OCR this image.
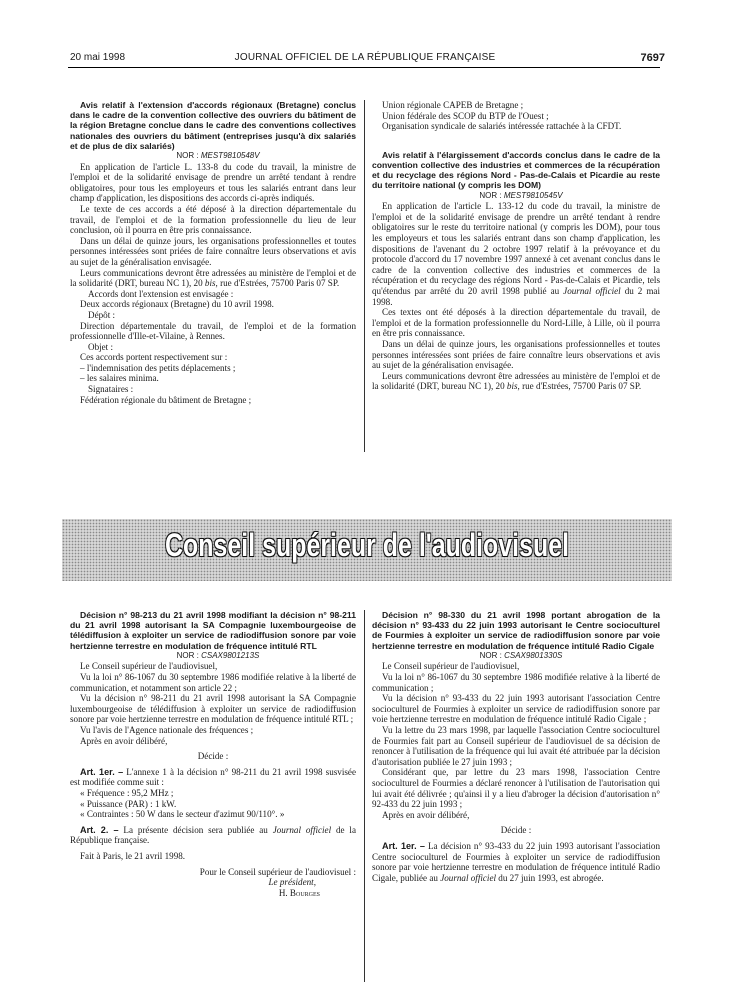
20 mai 1998	JOURNAL OFFICIEL DE LA RÉPUBLIQUE FRANÇAISE	7697

Avis relatif à l'extension d'accords régionaux (Bretagne) conclus dans le cadre de la convention collective des ouvriers du bâtiment de la région Bretagne conclue dans le cadre des conventions collectives nationales des ouvriers du bâtiment (entreprises jusqu'à dix salariés et de plus de dix salariés)

NOR : MEST9810548V

En application de l'article L. 133-8 du code du travail, la ministre de l'emploi et de la solidarité envisage de prendre un arrêté tendant à rendre obligatoires, pour tous les employeurs et tous les salariés entrant dans leur champ d'application, les dispositions des accords ci-après indiqués.

Le texte de ces accords a été déposé à la direction départementale du travail, de l'emploi et de la formation professionnelle du lieu de leur conclusion, où il pourra en être pris connaissance.

Dans un délai de quinze jours, les organisations professionnelles et toutes personnes intéressées sont priées de faire connaître leurs observations et avis au sujet de la généralisation envisagée.

Leurs communications devront être adressées au ministère de l'emploi et de la solidarité (DRT, bureau NC 1), 20 bis, rue d'Estrées, 75700 Paris 07 SP.

Accords dont l'extension est envisagée :

Deux accords régionaux (Bretagne) du 10 avril 1998.

Dépôt :

Direction départementale du travail, de l'emploi et de la formation professionnelle d'Ille-et-Vilaine, à Rennes.

Objet :

Ces accords portent respectivement sur :

– l'indemnisation des petits déplacements ;

– les salaires minima.

Signataires :

Fédération régionale du bâtiment de Bretagne ;

Union régionale CAPEB de Bretagne ;

Union fédérale des SCOP du BTP de l'Ouest ;

Organisation syndicale de salariés intéressée rattachée à la CFDT.

Avis relatif à l'élargissement d'accords conclus dans le cadre de la convention collective des industries et commerces de la récupération et du recyclage des régions Nord - Pas-de-Calais et Picardie au reste du territoire national (y compris les DOM)

NOR : MEST9810545V

En application de l'article L. 133-12 du code du travail, la ministre de l'emploi et de la solidarité envisage de prendre un arrêté tendant à rendre obligatoires sur le reste du territoire national (y compris les DOM), pour tous les employeurs et tous les salariés entrant dans son champ d'application, les dispositions de l'avenant du 2 octobre 1997 relatif à la prévoyance et du protocole d'accord du 17 novembre 1997 annexé à cet avenant conclus dans le cadre de la convention collective des industries et commerces de la récupération et du recyclage des régions Nord - Pas-de-Calais et Picardie, tels qu'étendus par arrêté du 20 avril 1998 publié au Journal officiel du 2 mai 1998.

Ces textes ont été déposés à la direction départementale du travail, de l'emploi et de la formation professionnelle du Nord-Lille, à Lille, où il pourra en être pris connaissance.

Dans un délai de quinze jours, les organisations professionnelles et toutes personnes intéressées sont priées de faire connaître leurs observations et avis au sujet de la généralisation envisagée.

Leurs communications devront être adressées au ministère de l'emploi et de la solidarité (DRT, bureau NC 1), 20 bis, rue d'Estrées, 75700 Paris 07 SP.

Conseil supérieur de l'audiovisuel

Décision n° 98-213 du 21 avril 1998 modifiant la décision n° 98-211 du 21 avril 1998 autorisant la SA Compagnie luxembourgeoise de télédiffusion à exploiter un service de radiodiffusion sonore par voie hertzienne terrestre en modulation de fréquence intitulé RTL

NOR : CSAX9801213S

Le Conseil supérieur de l'audiovisuel,

Vu la loi n° 86-1067 du 30 septembre 1986 modifiée relative à la liberté de communication, et notamment son article 22 ;

Vu la décision n° 98-211 du 21 avril 1998 autorisant la SA Compagnie luxembourgeoise de télédiffusion à exploiter un service de radiodiffusion sonore par voie hertzienne terrestre en modulation de fréquence intitulé RTL ;

Vu l'avis de l'Agence nationale des fréquences ;

Après en avoir délibéré,

Décide :

Art. 1er. – L'annexe 1 à la décision n° 98-211 du 21 avril 1998 susvisée est modifiée comme suit :

« Fréquence : 95,2 MHz ;

« Puissance (PAR) : 1 kW.

« Contraintes : 50 W dans le secteur d'azimut 90/110°. »

Art. 2. – La présente décision sera publiée au Journal officiel de la République française.

Fait à Paris, le 21 avril 1998.

Pour le Conseil supérieur de l'audiovisuel :

Le président,

H. Bourges

Décision n° 98-330 du 21 avril 1998 portant abrogation de la décision n° 93-433 du 22 juin 1993 autorisant le Centre socioculturel de Fourmies à exploiter un service de radiodiffusion sonore par voie hertzienne terrestre en modulation de fréquence intitulé Radio Cigale

NOR : CSAX9801330S

Le Conseil supérieur de l'audiovisuel,

Vu la loi n° 86-1067 du 30 septembre 1986 modifiée relative à la liberté de communication ;

Vu la décision n° 93-433 du 22 juin 1993 autorisant l'association Centre socioculturel de Fourmies à exploiter un service de radiodiffusion sonore par voie hertzienne terrestre en modulation de fréquence intitulé Radio Cigale ;

Vu la lettre du 23 mars 1998, par laquelle l'association Centre socioculturel de Fourmies fait part au Conseil supérieur de l'audiovisuel de sa décision de renoncer à l'utilisation de la fréquence qui lui avait été attribuée par la décision d'autorisation publiée le 27 juin 1993 ;

Considérant que, par lettre du 23 mars 1998, l'association Centre socioculturel de Fourmies a déclaré renoncer à l'utilisation de l'autorisation qui lui avait été délivrée ; qu'ainsi il y a lieu d'abroger la décision d'autorisation n° 92-433 du 22 juin 1993 ;

Après en avoir délibéré,

Décide :

Art. 1er. – La décision n° 93-433 du 22 juin 1993 autorisant l'association Centre socioculturel de Fourmies à exploiter un service de radiodiffusion sonore par voie hertzienne terrestre en modulation de fréquence intitulé Radio Cigale, publiée au Journal officiel du 27 juin 1993, est abrogée.
